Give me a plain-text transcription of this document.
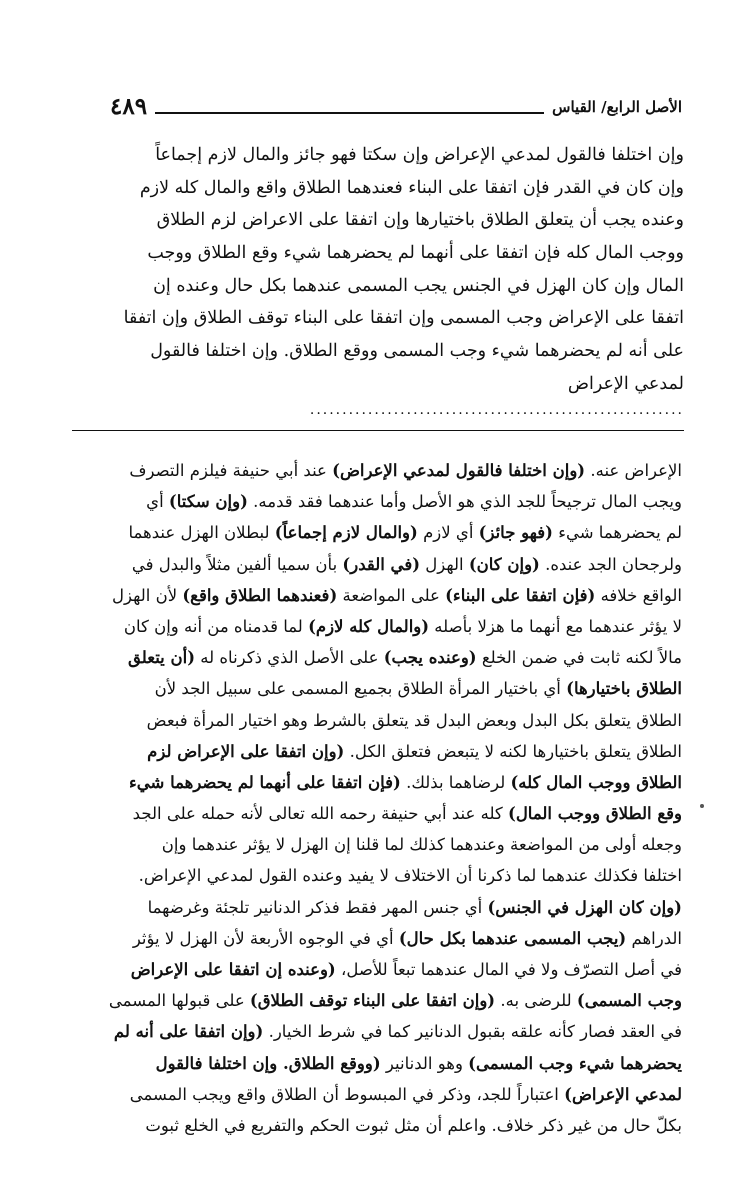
٤٨٩	الأصل الرابع/ القياس
وإن اختلفا فالقول لمدعي الإعراض وإن سكتا فهو جائز والمال لازم إجماعاً
وإن كان في القدر فإن اتفقا على البناء فعندهما الطلاق واقع والمال كله لازم
وعنده يجب أن يتعلق الطلاق باختيارها وإن اتفقا على الاعراض لزم الطلاق
ووجب المال كله فإن اتفقا على أنهما لم يحضرهما شيء وقع الطلاق ووجب
المال وإن كان الهزل في الجنس يجب المسمى عندهما بكل حال وعنده إن
اتفقا على الإعراض وجب المسمى وإن اتفقا على البناء توقف الطلاق وإن اتفقا
على أنه لم يحضرهما شيء وجب المسمى ووقع الطلاق. وإن اختلفا فالقول
لمدعي الإعراض
..........................................................
الإعراض عنه. (وإن اختلفا فالقول لمدعي الإعراض) عند أبي حنيفة فيلزم التصرف
ويجب المال ترجيحاً للجد الذي هو الأصل وأما عندهما فقد قدمه. (وإن سكتا) أي
لم يحضرهما شيء (فهو جائز) أي لازم (والمال لازم إجماعاً) لبطلان الهزل عندهما
ولرجحان الجد عنده. (وإن كان) الهزل (في القدر) بأن سميا ألفين مثلاً والبدل في
الواقع خلافه (فإن اتفقا على البناء) على المواضعة (فعندهما الطلاق واقع) لأن الهزل
لا يؤثر عندهما مع أنهما ما هزلا بأصله (والمال كله لازم) لما قدمناه من أنه وإن كان
مالاً لكنه ثابت في ضمن الخلع (وعنده يجب) على الأصل الذي ذكرناه له (أن يتعلق
الطلاق باختيارها) أي باختيار المرأة الطلاق بجميع المسمى على سبيل الجد لأن
الطلاق يتعلق بكل البدل وبعض البدل قد يتعلق بالشرط وهو اختيار المرأة فبعض
الطلاق يتعلق باختيارها لكنه لا يتبعض فتعلق الكل. (وإن اتفقا على الإعراض لزم
الطلاق ووجب المال كله) لرضاهما بذلك. (فإن اتفقا على أنهما لم يحضرهما شيء
وقع الطلاق ووجب المال) كله عند أبي حنيفة رحمه الله تعالى لأنه حمله على الجد
وجعله أولى من المواضعة وعندهما كذلك لما قلنا إن الهزل لا يؤثر عندهما وإن
اختلفا فكذلك عندهما لما ذكرنا أن الاختلاف لا يفيد وعنده القول لمدعي الإعراض.
(وإن كان الهزل في الجنس) أي جنس المهر فقط فذكر الدنانير تلجئة وغرضهما
الدراهم (يجب المسمى عندهما بكل حال) أي في الوجوه الأربعة لأن الهزل لا يؤثر
في أصل التصرّف ولا في المال عندهما تبعاً للأصل، (وعنده إن اتفقا على الإعراض
وجب المسمى) للرضى به. (وإن اتفقا على البناء توقف الطلاق) على قبولها المسمى
في العقد فصار كأنه علقه بقبول الدنانير كما في شرط الخيار. (وإن اتفقا على أنه لم
يحضرهما شيء وجب المسمى) وهو الدنانير (ووقع الطلاق. وإن اختلفا فالقول
لمدعي الإعراض) اعتباراً للجد، وذكر في المبسوط أن الطلاق واقع ويجب المسمى
بكلّ حال من غير ذكر خلاف. واعلم أن مثل ثبوت الحكم والتفريع في الخلع ثبوت
